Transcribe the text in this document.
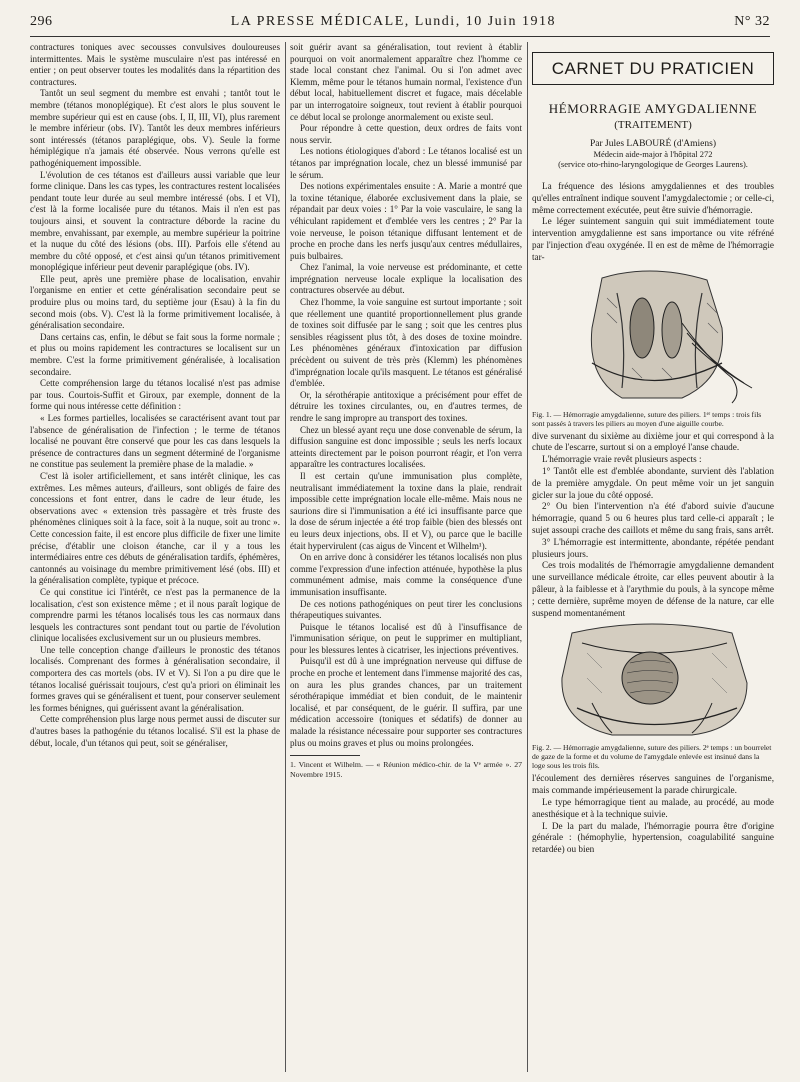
296	LA PRESSE MÉDICALE, Lundi, 10 Juin 1918	N° 32

contractures toniques avec secousses convulsives douloureuses intermittentes. Mais le système musculaire n'est pas intéressé en entier ; on peut observer toutes les modalités dans la répartition des contractures.

Tantôt un seul segment du membre est envahi ; tantôt tout le membre (tétanos monoplégique). Et c'est alors le plus souvent le membre supérieur qui est en cause (obs. I, II, III, VI), plus rarement le membre inférieur (obs. IV). Tantôt les deux membres inférieurs sont intéressés (tétanos paraplégique, obs. V). Seule la forme hémiplégique n'a jamais été observée. Nous verrons qu'elle est pathogéniquement impossible.

L'évolution de ces tétanos est d'ailleurs aussi variable que leur forme clinique. Dans les cas types, les contractures restent localisées pendant toute leur durée au seul membre intéressé (obs. I et VI), c'est là la forme localisée pure du tétanos. Mais il n'en est pas toujours ainsi, et souvent la contracture déborde la racine du membre, envahissant, par exemple, au membre supérieur la poitrine et la nuque du côté des lésions (obs. III). Parfois elle s'étend au membre du côté opposé, et c'est ainsi qu'un tétanos primitivement monoplégique inférieur peut devenir paraplégique (obs. IV).

Elle peut, après une première phase de localisation, envahir l'organisme en entier et cette généralisation secondaire peut se produire plus ou moins tard, du septième jour (Esau) à la fin du second mois (obs. V). C'est là la forme primitivement localisée, à généralisation secondaire.

Dans certains cas, enfin, le début se fait sous la forme normale ; et plus ou moins rapidement les contractures se localisent sur un membre. C'est la forme primitivement généralisée, à localisation secondaire.

Cette compréhension large du tétanos localisé n'est pas admise par tous. Courtois-Suffit et Giroux, par exemple, donnent de la forme qui nous intéresse cette définition :

« Les formes partielles, localisées se caractérisent avant tout par l'absence de généralisation de l'infection ; le terme de tétanos localisé ne pouvant être conservé que pour les cas dans lesquels la présence de contractures dans un segment déterminé de l'organisme ne constitue pas seulement la première phase de la maladie. »

C'est là isoler artificiellement, et sans intérêt clinique, les cas extrêmes. Les mêmes auteurs, d'ailleurs, sont obligés de faire des concessions et font entrer, dans le cadre de leur étude, les observations avec « extension très passagère et très fruste des phénomènes cliniques soit à la face, soit à la nuque, soit au tronc ». Cette concession faite, il est encore plus difficile de fixer une limite précise, d'établir une cloison étanche, car il y a tous les intermédiaires entre ces débuts de généralisation tardifs, éphémères, cantonnés au voisinage du membre primitivement lésé (obs. III) et la généralisation complète, typique et précoce.

Ce qui constitue ici l'intérêt, ce n'est pas la permanence de la localisation, c'est son existence même ; et il nous paraît logique de comprendre parmi les tétanos localisés tous les cas normaux dans lesquels les contractures sont pendant tout ou partie de l'évolution clinique localisées exclusivement sur un ou plusieurs membres.

Une telle conception change d'ailleurs le pronostic des tétanos localisés. Comprenant des formes à généralisation secondaire, il comportera des cas mortels (obs. IV et V). Si l'on a pu dire que le tétanos localisé guérissait toujours, c'est qu'a priori on éliminait les formes graves qui se généralisent et tuent, pour conserver seulement les formes bénignes, qui guérissent avant la généralisation.

Cette compréhension plus large nous permet aussi de discuter sur d'autres bases la pathogénie du tétanos localisé. S'il est la phase de début, locale, d'un tétanos qui peut, soit se généraliser,

soit guérir avant sa généralisation, tout revient à établir pourquoi on voit anormalement apparaître chez l'homme ce stade local constant chez l'animal. Ou si l'on admet avec Klemm, même pour le tétanos humain normal, l'existence d'un début local, habituellement discret et fugace, mais décelable par un interrogatoire soigneux, tout revient à établir pourquoi ce début local se prolonge anormalement ou existe seul.

Pour répondre à cette question, deux ordres de faits vont nous servir.

Les notions étiologiques d'abord : Le tétanos localisé est un tétanos par imprégnation locale, chez un blessé immunisé par le sérum.

Des notions expérimentales ensuite : A. Marie a montré que la toxine tétanique, élaborée exclusivement dans la plaie, se répandait par deux voies : 1° Par la voie vasculaire, le sang la véhiculant rapidement et d'emblée vers les centres ; 2° Par la voie nerveuse, le poison tétanique diffusant lentement et de proche en proche dans les nerfs jusqu'aux centres médullaires, puis bulbaires.

Chez l'animal, la voie nerveuse est prédominante, et cette imprégnation nerveuse locale explique la localisation des contractures observée au début.

Chez l'homme, la voie sanguine est surtout importante ; soit que réellement une quantité proportionnellement plus grande de toxines soit diffusée par le sang ; soit que les centres plus sensibles réagissent plus tôt, à des doses de toxine moindre. Les phénomènes généraux d'intoxication par diffusion précèdent ou suivent de très près (Klemm) les phénomènes d'imprégnation locale qu'ils masquent. Le tétanos est généralisé d'emblée.

Or, la sérothérapie antitoxique a précisément pour effet de détruire les toxines circulantes, ou, en d'autres termes, de rendre le sang impropre au transport des toxines.

Chez un blessé ayant reçu une dose convenable de sérum, la diffusion sanguine est donc impossible ; seuls les nerfs locaux atteints directement par le poison pourront réagir, et l'on verra apparaître les contractures localisées.

Il est certain qu'une immunisation plus complète, neutralisant immédiatement la toxine dans la plaie, rendrait impossible cette imprégnation locale elle-même. Mais nous ne saurions dire si l'immunisation a été ici insuffisante parce que la dose de sérum injectée a été trop faible (bien des blessés ont eu leurs deux injections, obs. II et V), ou parce que le bacille était hypervirulent (cas aigus de Vincent et Wilhelm¹).

On en arrive donc à considérer les tétanos localisés non plus comme l'expression d'une infection atténuée, hypothèse la plus communément admise, mais comme la conséquence d'une immunisation insuffisante.

De ces notions pathogéniques on peut tirer les conclusions thérapeutiques suivantes.

Puisque le tétanos localisé est dû à l'insuffisance de l'immunisation sérique, on peut le supprimer en multipliant, pour les blessures lentes à cicatriser, les injections préventives.

Puisqu'il est dû à une imprégnation nerveuse qui diffuse de proche en proche et lentement dans l'immense majorité des cas, on aura les plus grandes chances, par un traitement sérothérapique immédiat et bien conduit, de le maintenir localisé, et par conséquent, de le guérir. Il suffira, par une médication accessoire (toniques et sédatifs) de donner au malade la résistance nécessaire pour supporter ses contractures plus ou moins graves et plus ou moins prolongées.

1. Vincent et Wilhelm. — « Réunion médico-chir. de la Vᵉ armée ». 27 Novembre 1915.
CARNET DU PRATICIEN
HÉMORRAGIE AMYGDALIENNE
(TRAITEMENT)
Par Jules LABOURÉ (d'Amiens)
Médecin aide-major à l'hôpital 272
(service oto-rhino-laryngologique de Georges Laurens).

La fréquence des lésions amygdaliennes et des troubles qu'elles entraînent indique souvent l'amygdalectomie ; or celle-ci, même correctement exécutée, peut être suivie d'hémorragie.

Le léger suintement sanguin qui suit immédiatement toute intervention amygdalienne est sans importance ou vite réfréné par l'injection d'eau oxygénée. Il en est de même de l'hémorragie tar-

Fig. 1. — Hémorragie amygdalienne, suture des piliers. 1ᵉʳ temps : trois fils sont passés à travers les piliers au moyen d'une aiguille courbe.

dive survenant du sixième au dixième jour et qui correspond à la chute de l'escarre, surtout si on a employé l'anse chaude.

L'hémorragie vraie revêt plusieurs aspects :

1° Tantôt elle est d'emblée abondante, survient dès l'ablation de la première amygdale. On peut même voir un jet sanguin gicler sur la joue du côté opposé.

2° Ou bien l'intervention n'a été d'abord suivie d'aucune hémorragie, quand 5 ou 6 heures plus tard celle-ci apparaît ; le sujet assoupi crache des caillots et même du sang frais, sans arrêt.

3° L'hémorragie est intermittente, abondante, répétée pendant plusieurs jours.

Ces trois modalités de l'hémorragie amygdalienne demandent une surveillance médicale étroite, car elles peuvent aboutir à la pâleur, à la faiblesse et à l'arythmie du pouls, à la syncope même ; cette dernière, suprême moyen de défense de la nature, car elle suspend momentanément

Fig. 2. — Hémorragie amygdalienne, suture des piliers. 2ᵉ temps : un bourrelet de gaze de la forme et du volume de l'amygdale enlevée est insinué dans la loge sous les trois fils.

l'écoulement des dernières réserves sanguines de l'organisme, mais commande impérieusement la parade chirurgicale.

Le type hémorragique tient au malade, au procédé, au mode anesthésique et à la technique suivie.

I. De la part du malade, l'hémorragie pourra être d'origine générale : (hémophylie, hypertension, coagulabilité sanguine retardée) ou bien
